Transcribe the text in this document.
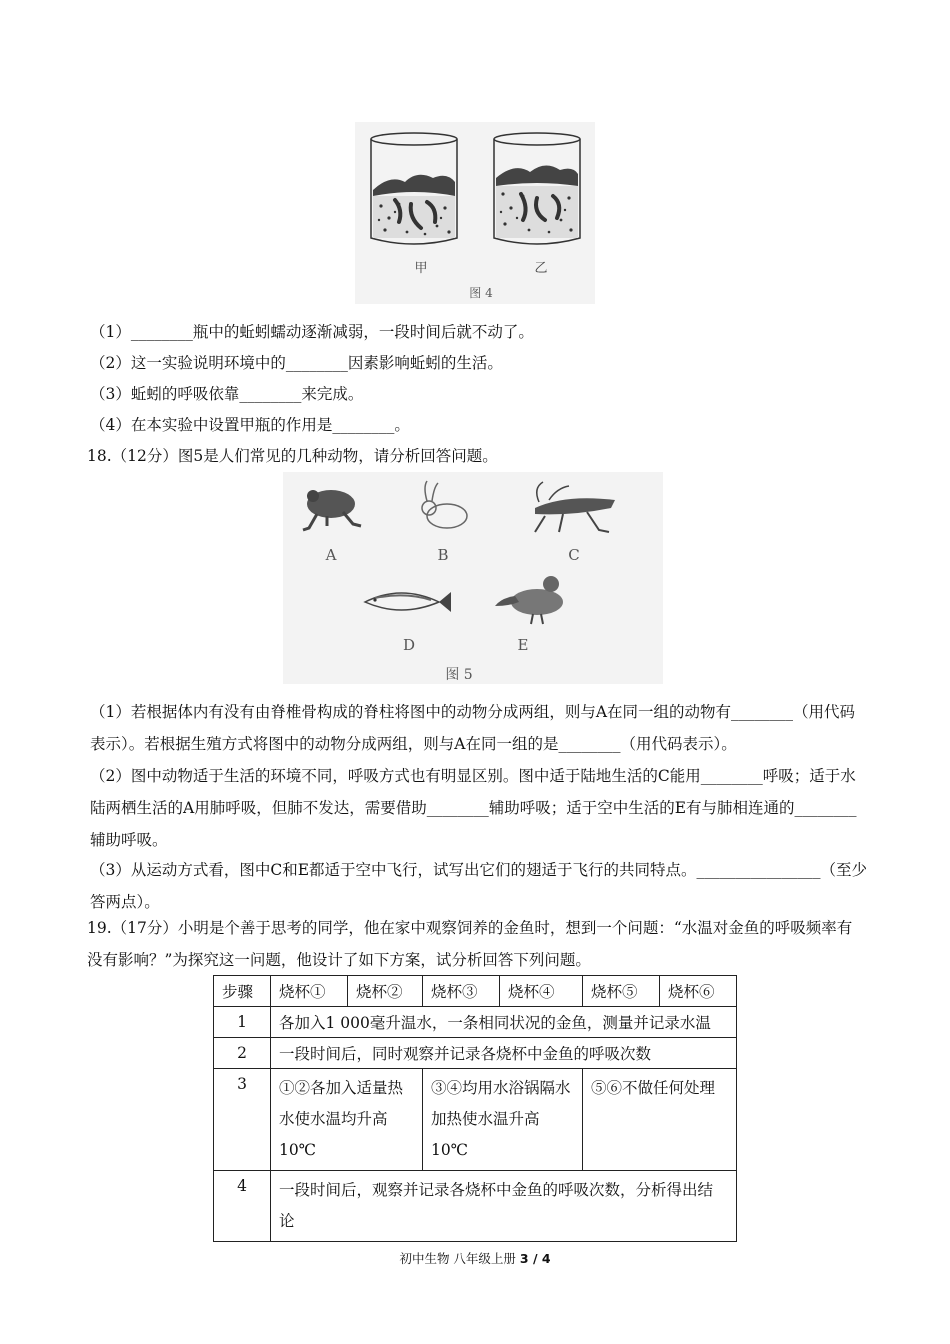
甲	乙
图 4
（1）________瓶中的蚯蚓蠕动逐渐减弱，一段时间后就不动了。
（2）这一实验说明环境中的________因素影响蚯蚓的生活。
（3）蚯蚓的呼吸依靠________来完成。
（4）在本实验中设置甲瓶的作用是________。
18.（12分）图5是人们常见的几种动物，请分析回答问题。
A	B	C
D	E
图 5
（1）若根据体内有没有由脊椎骨构成的脊柱将图中的动物分成两组，则与A在同一组的动物有________（用代码表示）。若根据生殖方式将图中的动物分成两组，则与A在同一组的是________（用代码表示）。
（2）图中动物适于生活的环境不同，呼吸方式也有明显区别。图中适于陆地生活的C能用________呼吸；适于水陆两栖生活的A用肺呼吸，但肺不发达，需要借助________辅助呼吸；适于空中生活的E有与肺相连通的________辅助呼吸。
（3）从运动方式看，图中C和E都适于空中飞行，试写出它们的翅适于飞行的共同特点。________________（至少答两点）。
19.（17分）小明是个善于思考的同学，他在家中观察饲养的金鱼时，想到一个问题：“水温对金鱼的呼吸频率有没有影响？”为探究这一问题，他设计了如下方案，试分析回答下列问题。
步骤	烧杯①	烧杯②	烧杯③	烧杯④	烧杯⑤	烧杯⑥
1	各加入1 000毫升温水，一条相同状况的金鱼，测量并记录水温					
2	一段时间后，同时观察并记录各烧杯中金鱼的呼吸次数					
3	①②各加入适量热水使水温均升高10℃		③④均用水浴锅隔水加热使水温升高10℃		⑤⑥不做任何处理	
4	一段时间后，观察并记录各烧杯中金鱼的呼吸次数，分析得出结论					
初中生物 八年级上册 3 / 4
